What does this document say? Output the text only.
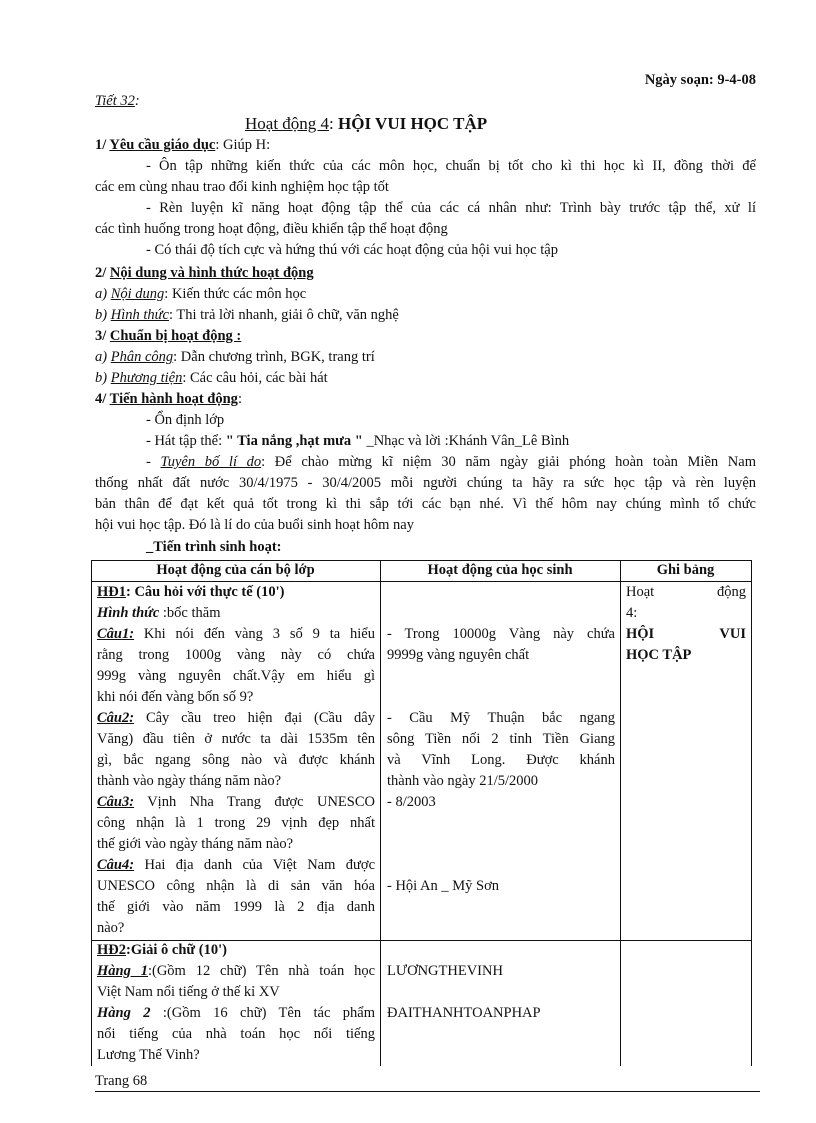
Ngày soạn: 9-4-08
Tiết 32:
Hoạt động 4: HỘI VUI HỌC TẬP
1/ Yêu cầu giáo dục: Giúp H:
- Ôn tập những kiến thức của các môn học, chuẩn bị tốt cho kì thi học kì II, đồng thời để
các em cùng nhau trao đổi kinh nghiệm học tập tốt
- Rèn luyện kĩ năng hoạt động tập thể của các cá nhân như: Trình bày trước tập thể, xử lí
các tình huống trong hoạt động, điều khiển tập thể hoạt động
- Có thái độ tích cực và hứng thú với các hoạt động của hội vui học tập
2/ Nội dung và hình thức hoạt động
a) Nội dung: Kiến thức các môn học
b) Hình thức: Thi trả lời nhanh, giải ô chữ, văn nghệ
3/ Chuẩn bị hoạt động :
a) Phân công: Dẫn chương trình, BGK, trang trí
b) Phương tiện: Các câu hỏi, các bài hát
4/ Tiến hành hoạt động:
- Ổn định lớp
- Hát tập thể: " Tia nắng ,hạt mưa " _Nhạc và lời :Khánh Vân_Lê Bình
- Tuyên bố lí do: Để chào mừng kĩ niệm 30 năm ngày giải phóng hoàn toàn Miền Nam
thống nhất đất nước 30/4/1975 - 30/4/2005 mỗi người chúng ta hãy ra sức học tập và rèn luyện
bản thân để đạt kết quả tốt trong kì thi sắp tới các bạn nhé. Vì thế hôm nay chúng mình tổ chức
hội vui học tập. Đó là lí do của buổi sinh hoạt hôm nay
_Tiến trình sinh hoạt:
Hoạt động của cán bộ lớp	Hoạt động của học sinh	Ghi bảng
HĐ1: Câu hỏi với thực tế (10')
Hình thức :bốc thăm
Câu1: Khi nói đến vàng 3 số 9 ta hiểu
rằng trong 1000g vàng này có chứa
999g vàng nguyên chất.Vậy em hiểu gì
khi nói đến vàng bốn số 9?
Câu2: Cây cầu treo hiện đại (Cầu dây
Văng) đầu tiên ở nước ta dài 1535m tên
gì, bắc ngang sông nào và được khánh
thành vào ngày tháng năm nào?
Câu3: Vịnh Nha Trang được UNESCO
công nhận là 1 trong 29 vịnh đẹp nhất
thế giới vào ngày tháng năm nào?
Câu4: Hai địa danh của Việt Nam được
UNESCO công nhận là di sản văn hóa
thế giới vào năm 1999 là 2 địa danh
nào?
- Trong 10000g Vàng này chứa
9999g vàng nguyên chất
- Cầu Mỹ Thuận bắc ngang
sông Tiền nối 2 tỉnh Tiền Giang
và Vĩnh Long. Được khánh
thành vào ngày 21/5/2000
- 8/2003
- Hội An _ Mỹ Sơn
Hoạt động
4:
HỘI VUI
HỌC TẬP
HĐ2:Giải ô chữ (10')
Hàng 1:(Gồm 12 chữ) Tên nhà toán học
Việt Nam nổi tiếng ở thế kỉ XV
Hàng 2 :(Gồm 16 chữ) Tên tác phẩm
nổi tiếng của nhà toán học nổi tiếng
Lương Thế Vinh?
LƯƠNGTHEVINH
ĐAITHANHTOANPHAP
Trang 68
